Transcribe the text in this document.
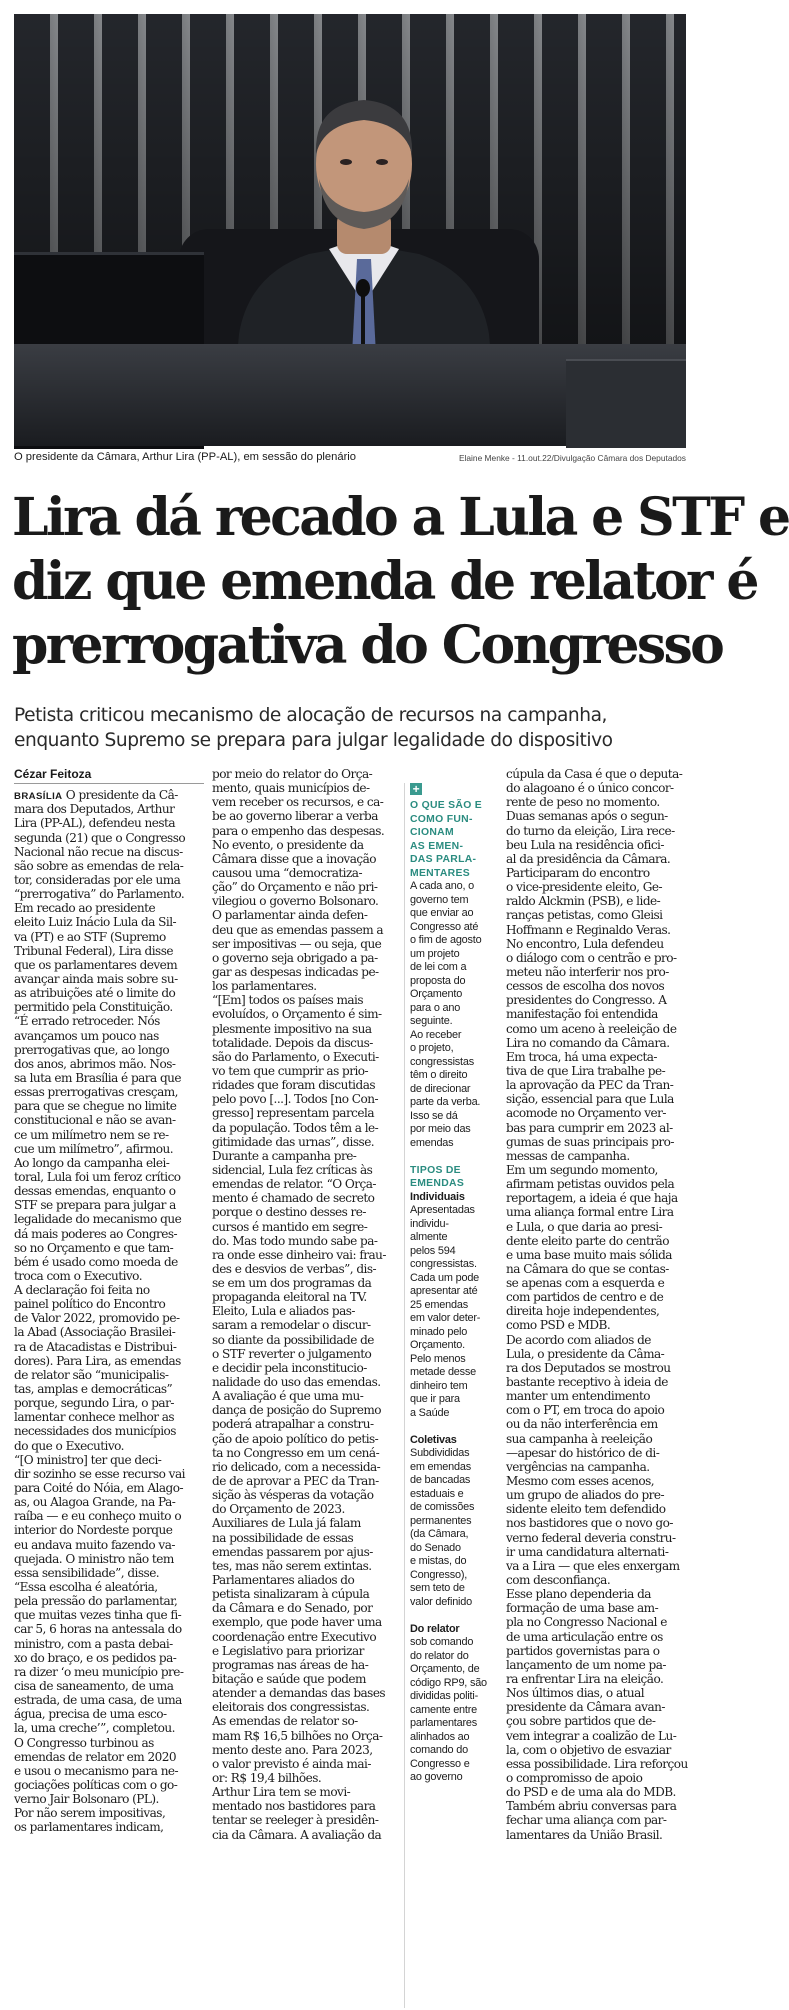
O presidente da Câmara, Arthur Lira (PP-AL), em sessão do plenário	Elaine Menke - 11.out.22/Divulgação Câmara dos Deputados
Lira dá recado a Lula e STF e
diz que emenda de relator é
prerrogativa do Congresso

Petista criticou mecanismo de alocação de recursos na campanha,
enquanto Supremo se prepara para julgar legalidade do dispositivo

Cézar Feitoza
BRASÍLIA O presidente da Câ-
mara dos Deputados, Arthur
Lira (PP-AL), defendeu nesta
segunda (21) que o Congresso
Nacional não recue na discus-
são sobre as emendas de rela-
tor, consideradas por ele uma
“prerrogativa” do Parlamento.
Em recado ao presidente
eleito Luiz Inácio Lula da Sil-
va (PT) e ao STF (Supremo
Tribunal Federal), Lira disse
que os parlamentares devem
avançar ainda mais sobre su-
as atribuições até o limite do
permitido pela Constituição.
“É errado retroceder. Nós
avançamos um pouco nas
prerrogativas que, ao longo
dos anos, abrimos mão. Nos-
sa luta em Brasília é para que
essas prerrogativas cresçam,
para que se chegue no limite
constitucional e não se avan-
ce um milímetro nem se re-
cue um milímetro”, afirmou.
Ao longo da campanha elei-
toral, Lula foi um feroz crítico
dessas emendas, enquanto o
STF se prepara para julgar a
legalidade do mecanismo que
dá mais poderes ao Congres-
so no Orçamento e que tam-
bém é usado como moeda de
troca com o Executivo.
A declaração foi feita no
painel político do Encontro
de Valor 2022, promovido pe-
la Abad (Associação Brasilei-
ra de Atacadistas e Distribui-
dores). Para Lira, as emendas
de relator são “municipalis-
tas, amplas e democráticas”
porque, segundo Lira, o par-
lamentar conhece melhor as
necessidades dos municípios
do que o Executivo.
“[O ministro] ter que deci-
dir sozinho se esse recurso vai
para Coité do Nóia, em Alago-
as, ou Alagoa Grande, na Pa-
raíba — e eu conheço muito o
interior do Nordeste porque
eu andava muito fazendo va-
quejada. O ministro não tem
essa sensibilidade”, disse.
“Essa escolha é aleatória,
pela pressão do parlamentar,
que muitas vezes tinha que fi-
car 5, 6 horas na antessala do
ministro, com a pasta debai-
xo do braço, e os pedidos pa-
ra dizer ‘o meu município pre-
cisa de saneamento, de uma
estrada, de uma casa, de uma
água, precisa de uma esco-
la, uma creche’”, completou.
O Congresso turbinou as
emendas de relator em 2020
e usou o mecanismo para ne-
gociações políticas com o go-
verno Jair Bolsonaro (PL).
Por não serem impositivas,
os parlamentares indicam,
por meio do relator do Orça-
mento, quais municípios de-
vem receber os recursos, e ca-
be ao governo liberar a verba
para o empenho das despesas.
No evento, o presidente da
Câmara disse que a inovação
causou uma “democratiza-
ção” do Orçamento e não pri-
vilegiou o governo Bolsonaro.
O parlamentar ainda defen-
deu que as emendas passem a
ser impositivas — ou seja, que
o governo seja obrigado a pa-
gar as despesas indicadas pe-
los parlamentares.
“[Em] todos os países mais
evoluídos, o Orçamento é sim-
plesmente impositivo na sua
totalidade. Depois da discus-
são do Parlamento, o Executi-
vo tem que cumprir as prio-
ridades que foram discutidas
pelo povo [...]. Todos [no Con-
gresso] representam parcela
da população. Todos têm a le-
gitimidade das urnas”, disse.
Durante a campanha pre-
sidencial, Lula fez críticas às
emendas de relator. “O Orça-
mento é chamado de secreto
porque o destino desses re-
cursos é mantido em segre-
do. Mas todo mundo sabe pa-
ra onde esse dinheiro vai: frau-
des e desvios de verbas”, dis-
se em um dos programas da
propaganda eleitoral na TV.
Eleito, Lula e aliados pas-
saram a remodelar o discur-
so diante da possibilidade de
o STF reverter o julgamento
e decidir pela inconstitucio-
nalidade do uso das emendas.
A avaliação é que uma mu-
dança de posição do Supremo
poderá atrapalhar a constru-
ção de apoio político do petis-
ta no Congresso em um cená-
rio delicado, com a necessida-
de de aprovar a PEC da Tran-
sição às vésperas da votação
do Orçamento de 2023.
Auxiliares de Lula já falam
na possibilidade de essas
emendas passarem por ajus-
tes, mas não serem extintas.
Parlamentares aliados do
petista sinalizaram à cúpula
da Câmara e do Senado, por
exemplo, que pode haver uma
coordenação entre Executivo
e Legislativo para priorizar
programas nas áreas de ha-
bitação e saúde que podem
atender a demandas das bases
eleitorais dos congressistas.
As emendas de relator so-
mam R$ 16,5 bilhões no Orça-
mento deste ano. Para 2023,
o valor previsto é ainda mai-
or: R$ 19,4 bilhões.
Arthur Lira tem se movi-
mentado nos bastidores para
tentar se reeleger à presidên-
cia da Câmara. A avaliação da
+
O QUE SÃO E
COMO FUN-
CIONAM
AS EMEN-
DAS PARLA-
MENTARES
A cada ano, o
governo tem
que enviar ao
Congresso até
o fim de agosto
um projeto
de lei com a
proposta do
Orçamento
para o ano
seguinte.
Ao receber
o projeto,
congressistas
têm o direito
de direcionar
parte da verba.
Isso se dá
por meio das
emendas
TIPOS DE
EMENDAS
Individuais
Apresentadas
individu-
almente
pelos 594
congressistas.
Cada um pode
apresentar até
25 emendas
em valor deter-
minado pelo
Orçamento.
Pelo menos
metade desse
dinheiro tem
que ir para
a Saúde
Coletivas
Subdivididas
em emendas
de bancadas
estaduais e
de comissões
permanentes
(da Câmara,
do Senado
e mistas, do
Congresso),
sem teto de
valor definido
Do relator
sob comando
do relator do
Orçamento, de
código RP9, são
divididas politi-
camente entre
parlamentares
alinhados ao
comando do
Congresso e
ao governo
cúpula da Casa é que o deputa-
do alagoano é o único concor-
rente de peso no momento.
Duas semanas após o segun-
do turno da eleição, Lira rece-
beu Lula na residência ofici-
al da presidência da Câmara.
Participaram do encontro
o vice-presidente eleito, Ge-
raldo Alckmin (PSB), e lide-
ranças petistas, como Gleisi
Hoffmann e Reginaldo Veras.
No encontro, Lula defendeu
o diálogo com o centrão e pro-
meteu não interferir nos pro-
cessos de escolha dos novos
presidentes do Congresso. A
manifestação foi entendida
como um aceno à reeleição de
Lira no comando da Câmara.
Em troca, há uma expecta-
tiva de que Lira trabalhe pe-
la aprovação da PEC da Tran-
sição, essencial para que Lula
acomode no Orçamento ver-
bas para cumprir em 2023 al-
gumas de suas principais pro-
messas de campanha.
Em um segundo momento,
afirmam petistas ouvidos pela
reportagem, a ideia é que haja
uma aliança formal entre Lira
e Lula, o que daria ao presi-
dente eleito parte do centrão
e uma base muito mais sólida
na Câmara do que se contas-
se apenas com a esquerda e
com partidos de centro e de
direita hoje independentes,
como PSD e MDB.
De acordo com aliados de
Lula, o presidente da Câma-
ra dos Deputados se mostrou
bastante receptivo à ideia de
manter um entendimento
com o PT, em troca do apoio
ou da não interferência em
sua campanha à reeleição
—apesar do histórico de di-
vergências na campanha.
Mesmo com esses acenos,
um grupo de aliados do pre-
sidente eleito tem defendido
nos bastidores que o novo go-
verno federal deveria constru-
ir uma candidatura alternati-
va a Lira — que eles enxergam
com desconfiança.
Esse plano dependeria da
formação de uma base am-
pla no Congresso Nacional e
de uma articulação entre os
partidos governistas para o
lançamento de um nome pa-
ra enfrentar Lira na eleição.
Nos últimos dias, o atual
presidente da Câmara avan-
çou sobre partidos que de-
vem integrar a coalizão de Lu-
la, com o objetivo de esvaziar
essa possibilidade. Lira reforçou
o compromisso de apoio
do PSD e de uma ala do MDB.
Também abriu conversas para
fechar uma aliança com par-
lamentares da União Brasil.
